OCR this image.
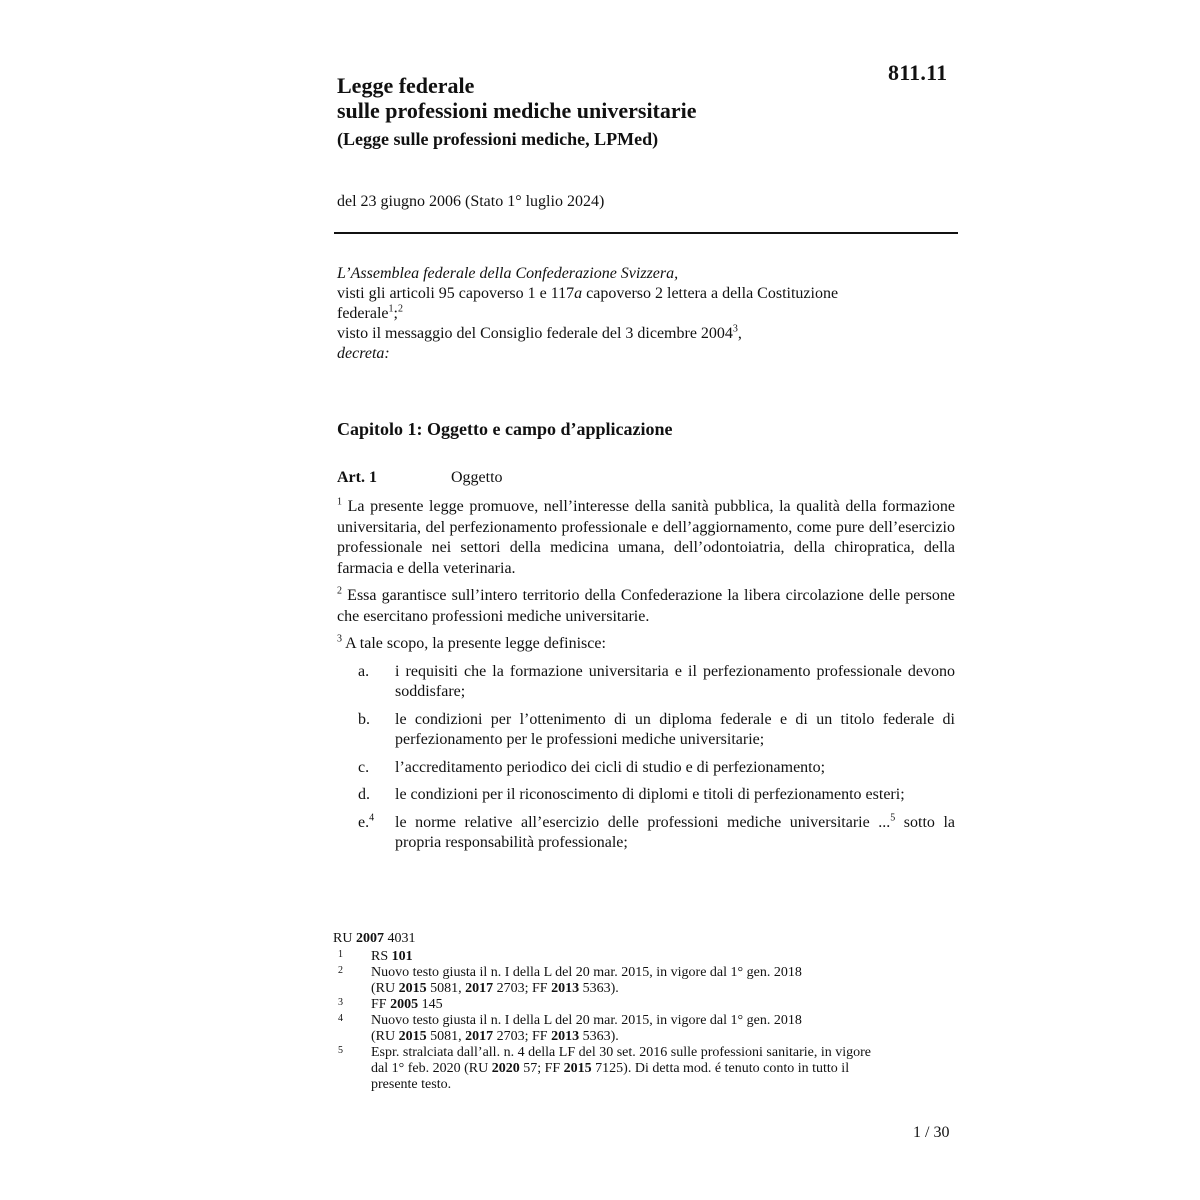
811.11
Legge federale
sulle professioni mediche universitarie
(Legge sulle professioni mediche, LPMed)
del 23 giugno 2006 (Stato 1° luglio 2024)
L’Assemblea federale della Confederazione Svizzera,
visti gli articoli 95 capoverso 1 e 117a capoverso 2 lettera a della Costituzione
federale$^1$;$^2$
visto il messaggio del Consiglio federale del 3 dicembre 2004$^3$,
decreta:
Capitolo 1: Oggetto e campo d’applicazione
Art. 1	Oggetto

$^1$ La presente legge promuove, nell’interesse della sanità pubblica, la qualità della formazione universitaria, del perfezionamento professionale e dell’aggiornamento, come pure dell’esercizio professionale nei settori della medicina umana, dell’odontoiatria, della chiropratica, della farmacia e della veterinaria.

$^2$ Essa garantisce sull’intero territorio della Confederazione la libera circolazione delle persone che esercitano professioni mediche universitarie.

$^3$ A tale scopo, la presente legge definisce:

a. i requisiti che la formazione universitaria e il perfezionamento professionale devono soddisfare;
b. le condizioni per l’ottenimento di un diploma federale e di un titolo federale di perfezionamento per le professioni mediche universitarie;
c. l’accreditamento periodico dei cicli di studio e di perfezionamento;
d. le condizioni per il riconoscimento di diplomi e titoli di perfezionamento esteri;
e.$^4$ le norme relative all’esercizio delle professioni mediche universitarie ...$^5$ sotto la propria responsabilità professionale;
RU 2007 4031
1 RS 101
2 Nuovo testo giusta il n. I della L del 20 mar. 2015, in vigore dal 1° gen. 2018
(RU 2015 5081, 2017 2703; FF 2013 5363).
3 FF 2005 145
4 Nuovo testo giusta il n. I della L del 20 mar. 2015, in vigore dal 1° gen. 2018
(RU 2015 5081, 2017 2703; FF 2013 5363).
5 Espr. stralciata dall’all. n. 4 della LF del 30 set. 2016 sulle professioni sanitarie, in vigore
dal 1° feb. 2020 (RU 2020 57; FF 2015 7125). Di detta mod. é tenuto conto in tutto il
presente testo.
1 / 30
